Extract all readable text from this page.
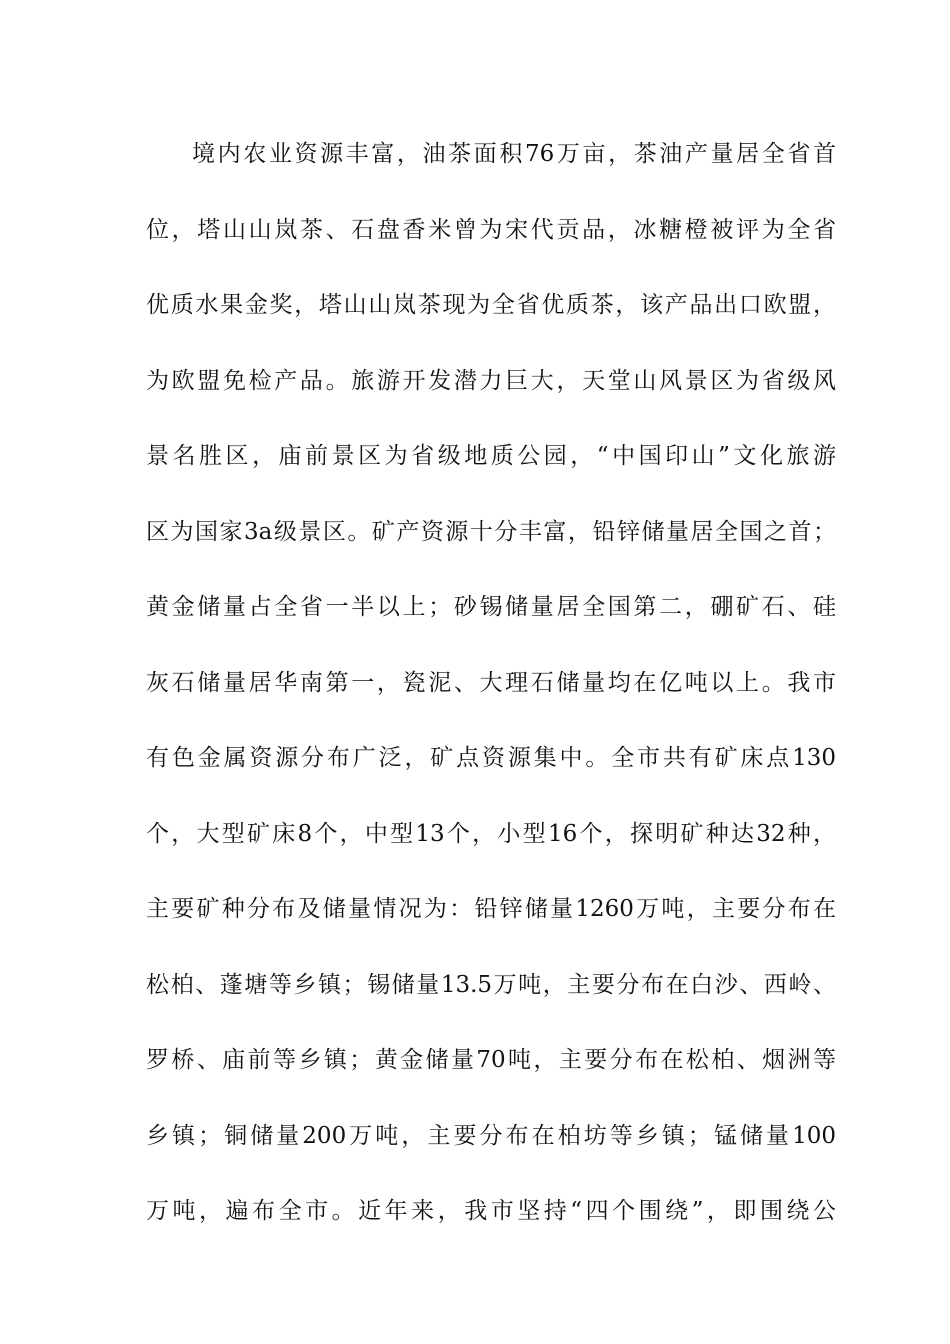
境内农业资源丰富，油茶面积76万亩，茶油产量居全省首
位，塔山山岚茶、石盘香米曾为宋代贡品，冰糖橙被评为全省
优质水果金奖，塔山山岚茶现为全省优质茶，该产品出口欧盟，
为欧盟免检产品。旅游开发潜力巨大，天堂山风景区为省级风
景名胜区，庙前景区为省级地质公园，“中国印山”文化旅游
区为国家3a级景区。矿产资源十分丰富，铅锌储量居全国之首；
黄金储量占全省一半以上；砂锡储量居全国第二，硼矿石、硅
灰石储量居华南第一，瓷泥、大理石储量均在亿吨以上。我市
有色金属资源分布广泛，矿点资源集中。全市共有矿床点130
个，大型矿床8个，中型13个，小型16个，探明矿种达32种，
主要矿种分布及储量情况为：铅锌储量1260万吨，主要分布在
松柏、蓬塘等乡镇；锡储量13.5万吨，主要分布在白沙、西岭、
罗桥、庙前等乡镇；黄金储量70吨，主要分布在松柏、烟洲等
乡镇；铜储量200万吨，主要分布在柏坊等乡镇；锰储量100
万吨，遍布全市。近年来，我市坚持“四个围绕”，即围绕公
